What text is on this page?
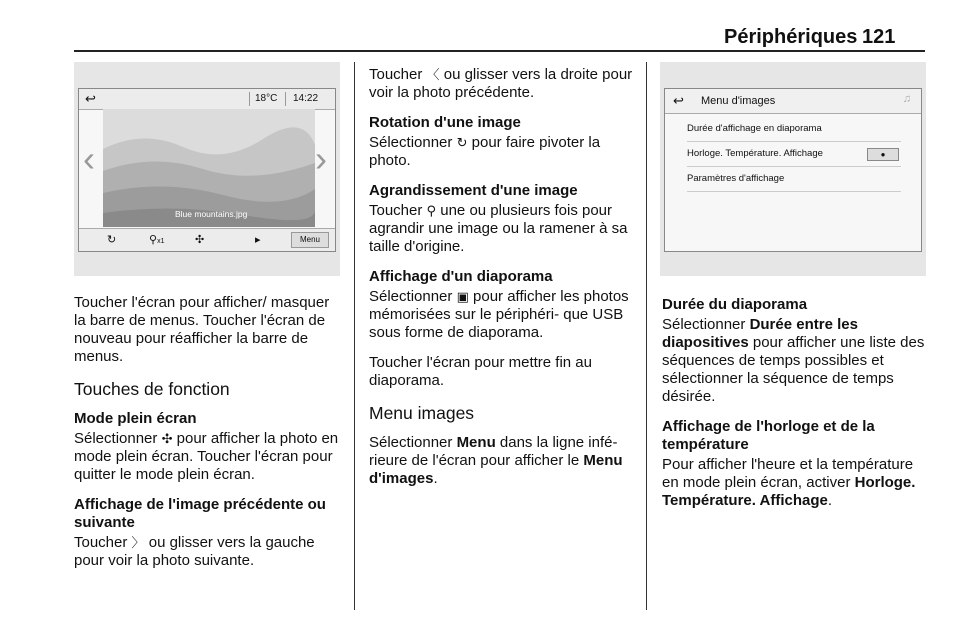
Périphériques 121
↩	18°C 14:22
Blue mountains.jpg
‹	›
↻	⚲x1	✣	▸	Menu
↩ Menu d'images	♫
Durée d'affichage en diaporama
Horloge. Température. Affichage	●
Paramètres d'affichage

Toucher l'écran pour afficher/ masquer la barre de menus. Toucher l'écran de nouveau pour réafficher la barre de menus.

Touches de fonction
Mode plein écran
Sélectionner ✣ pour afficher la photo en mode plein écran. Toucher l'écran pour quitter le mode plein écran.
Affichage de l'image précédente ou suivante
Toucher 〉 ou glisser vers la gauche pour voir la photo suivante.

Toucher 〈 ou glisser vers la droite pour voir la photo précédente.

Rotation d'une image
Sélectionner ↻ pour faire pivoter la photo.
Agrandissement d'une image
Toucher ⚲ une ou plusieurs fois pour agrandir une image ou la ramener à sa taille d'origine.
Affichage d'un diaporama
Sélectionner ▣ pour afficher les photos mémorisées sur le périphéri- que USB sous forme de diaporama.

Toucher l'écran pour mettre fin au diaporama.

Menu images

Sélectionner Menu dans la ligne infé- rieure de l'écran pour afficher le Menu d'images.

Durée du diaporama
Sélectionner Durée entre les diapositives pour afficher une liste des séquences de temps possibles et sélectionner la séquence de temps désirée.
Affichage de l'horloge et de la température
Pour afficher l'heure et la température en mode plein écran, activer Horloge. Température. Affichage.
